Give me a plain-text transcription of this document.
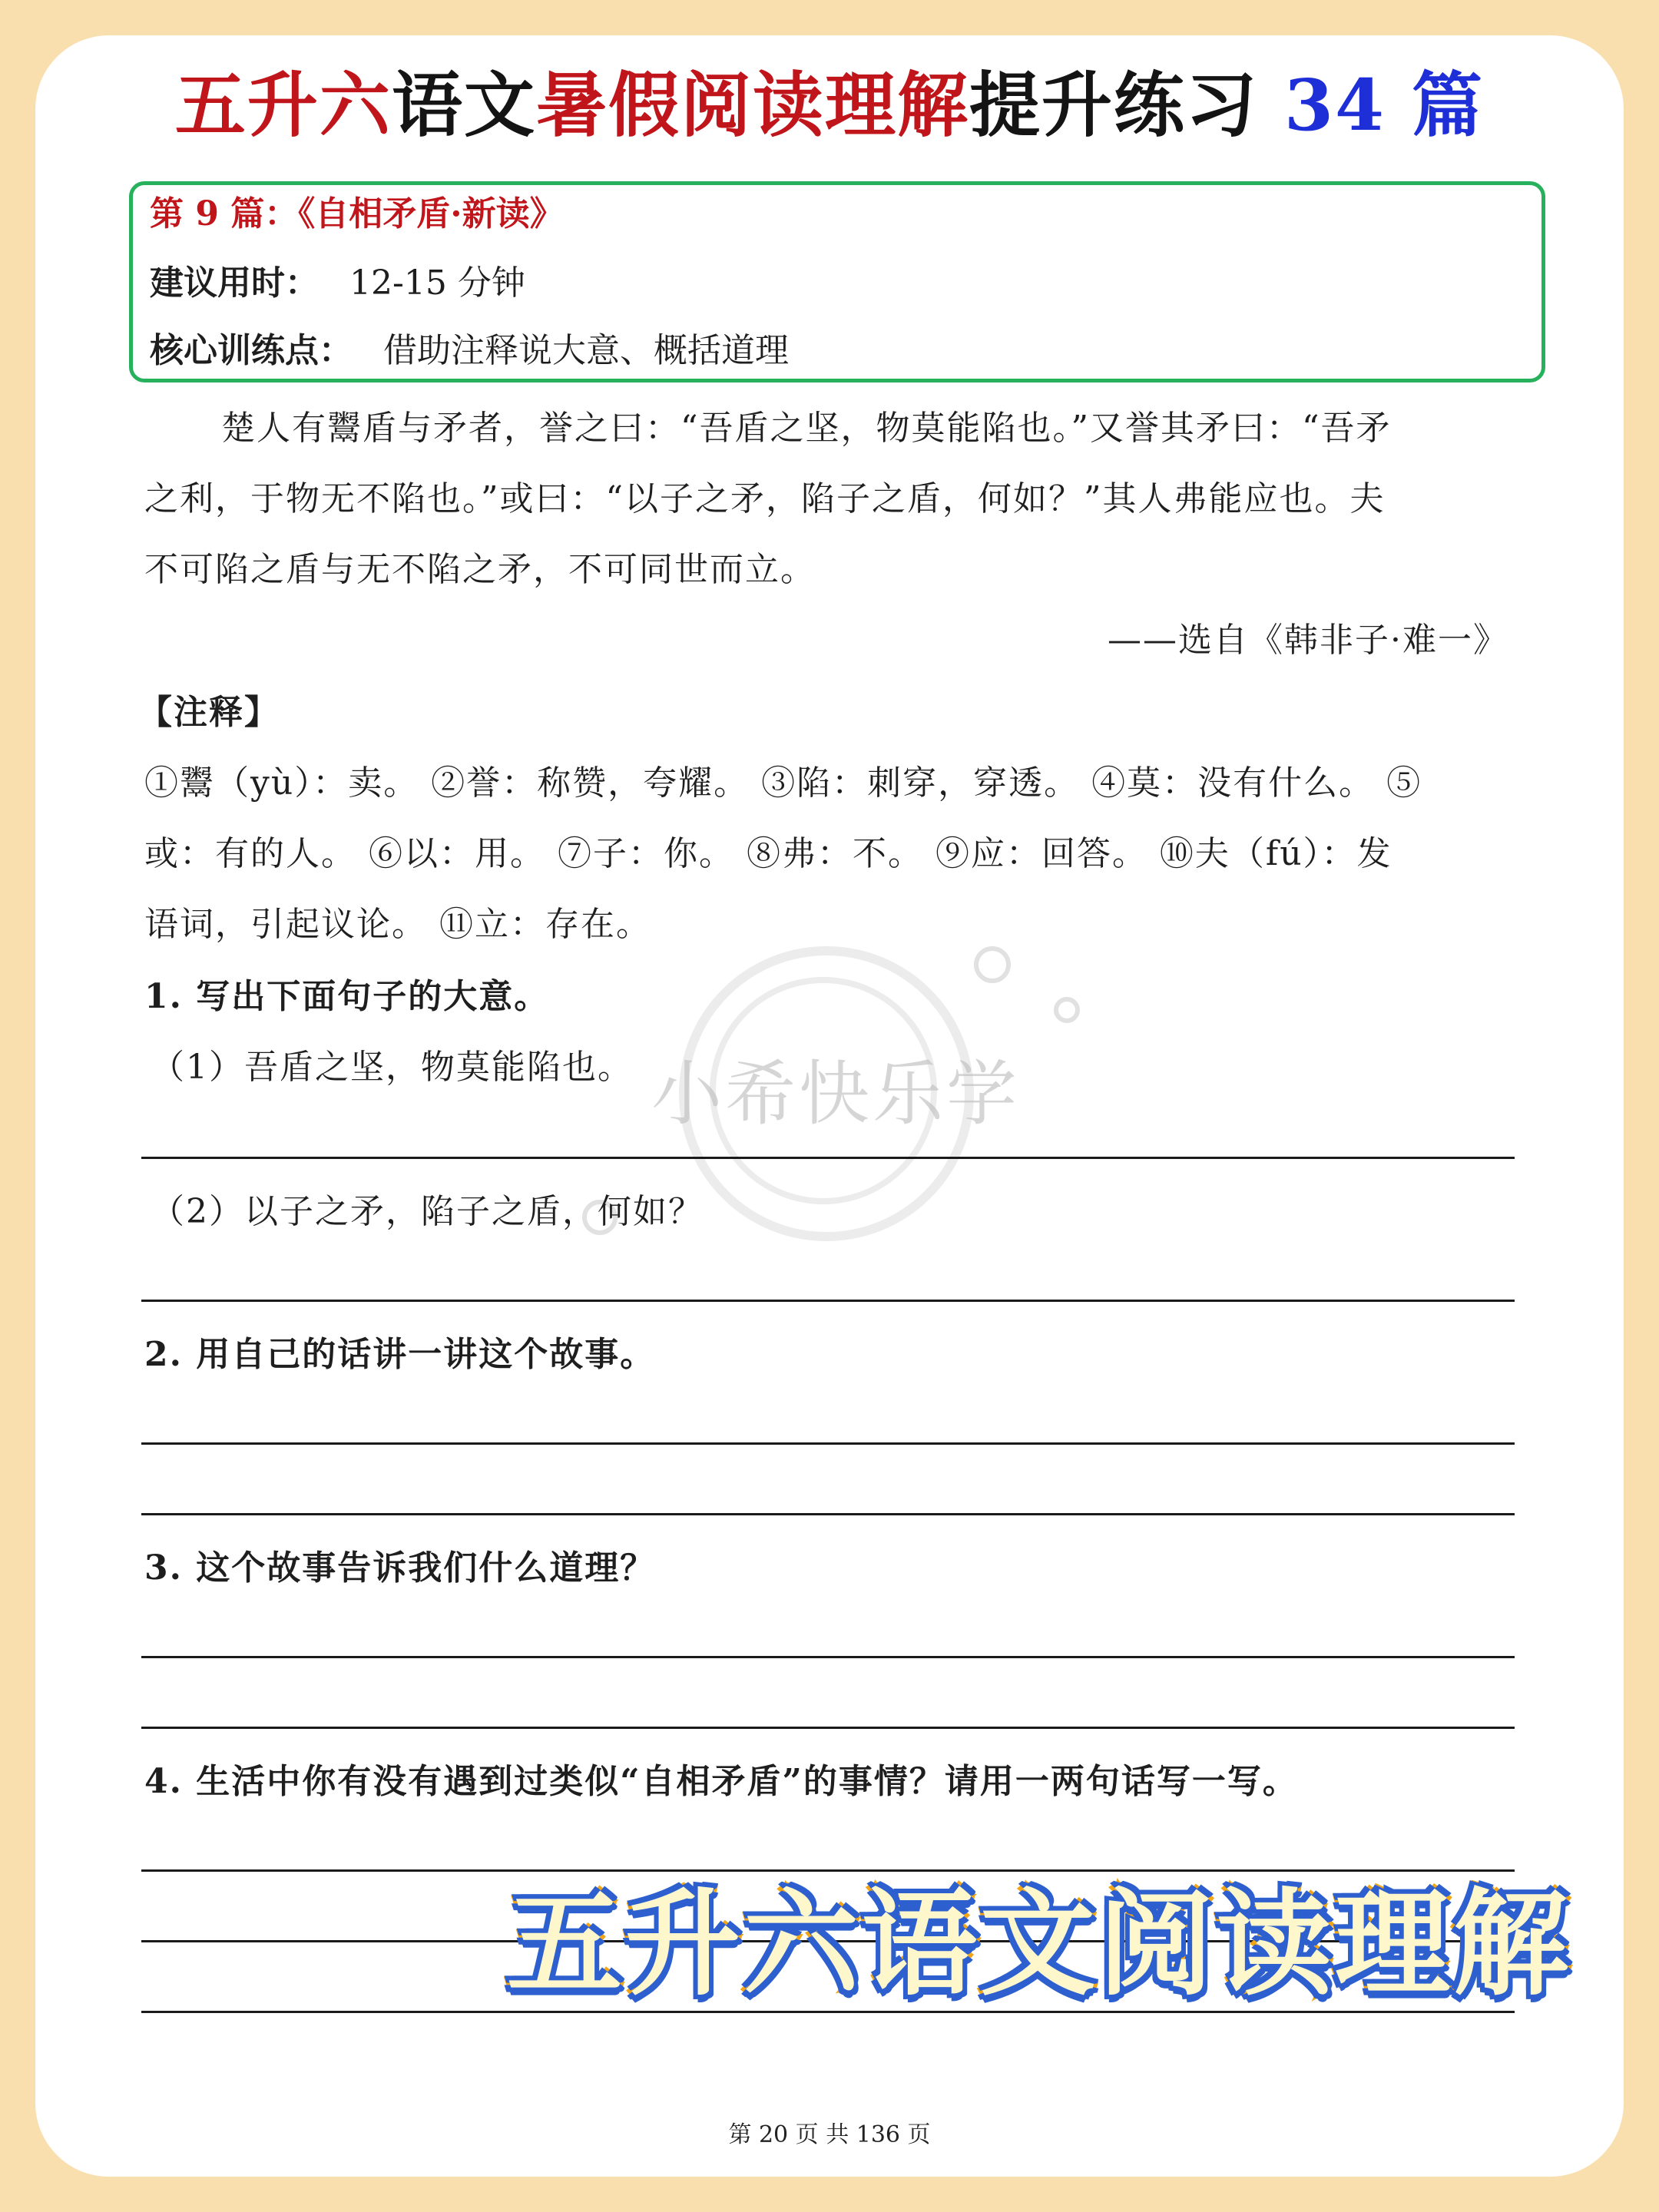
五升六语文暑假阅读理解提升练习 34 篇
第 9 篇：《自相矛盾·新读》
建议用时： 12-15 分钟
核心训练点： 借助注释说大意、概括道理
小希快乐学
楚人有鬻盾与矛者，誉之曰：“吾盾之坚，物莫能陷也。”又誉其矛曰：“吾矛
之利，于物无不陷也。”或曰：“以子之矛，陷子之盾，何如？”其人弗能应也。夫
不可陷之盾与无不陷之矛，不可同世而立。
——选自《韩非子·难一》
【注释】
①鬻（yù）：卖。 ②誉：称赞，夸耀。 ③陷：刺穿，穿透。 ④莫：没有什么。 ⑤
或：有的人。 ⑥以：用。 ⑦子：你。 ⑧弗：不。 ⑨应：回答。 ⑩夫（fú）：发
语词，引起议论。 ⑪立：存在。
1. 写出下面句子的大意。
（1）吾盾之坚，物莫能陷也。
（2）以子之矛，陷子之盾，何如？
2. 用自己的话讲一讲这个故事。
3. 这个故事告诉我们什么道理？
4. 生活中你有没有遇到过类似“自相矛盾”的事情？请用一两句话写一写。
五升六语文阅读理解
第 20 页 共 136 页
